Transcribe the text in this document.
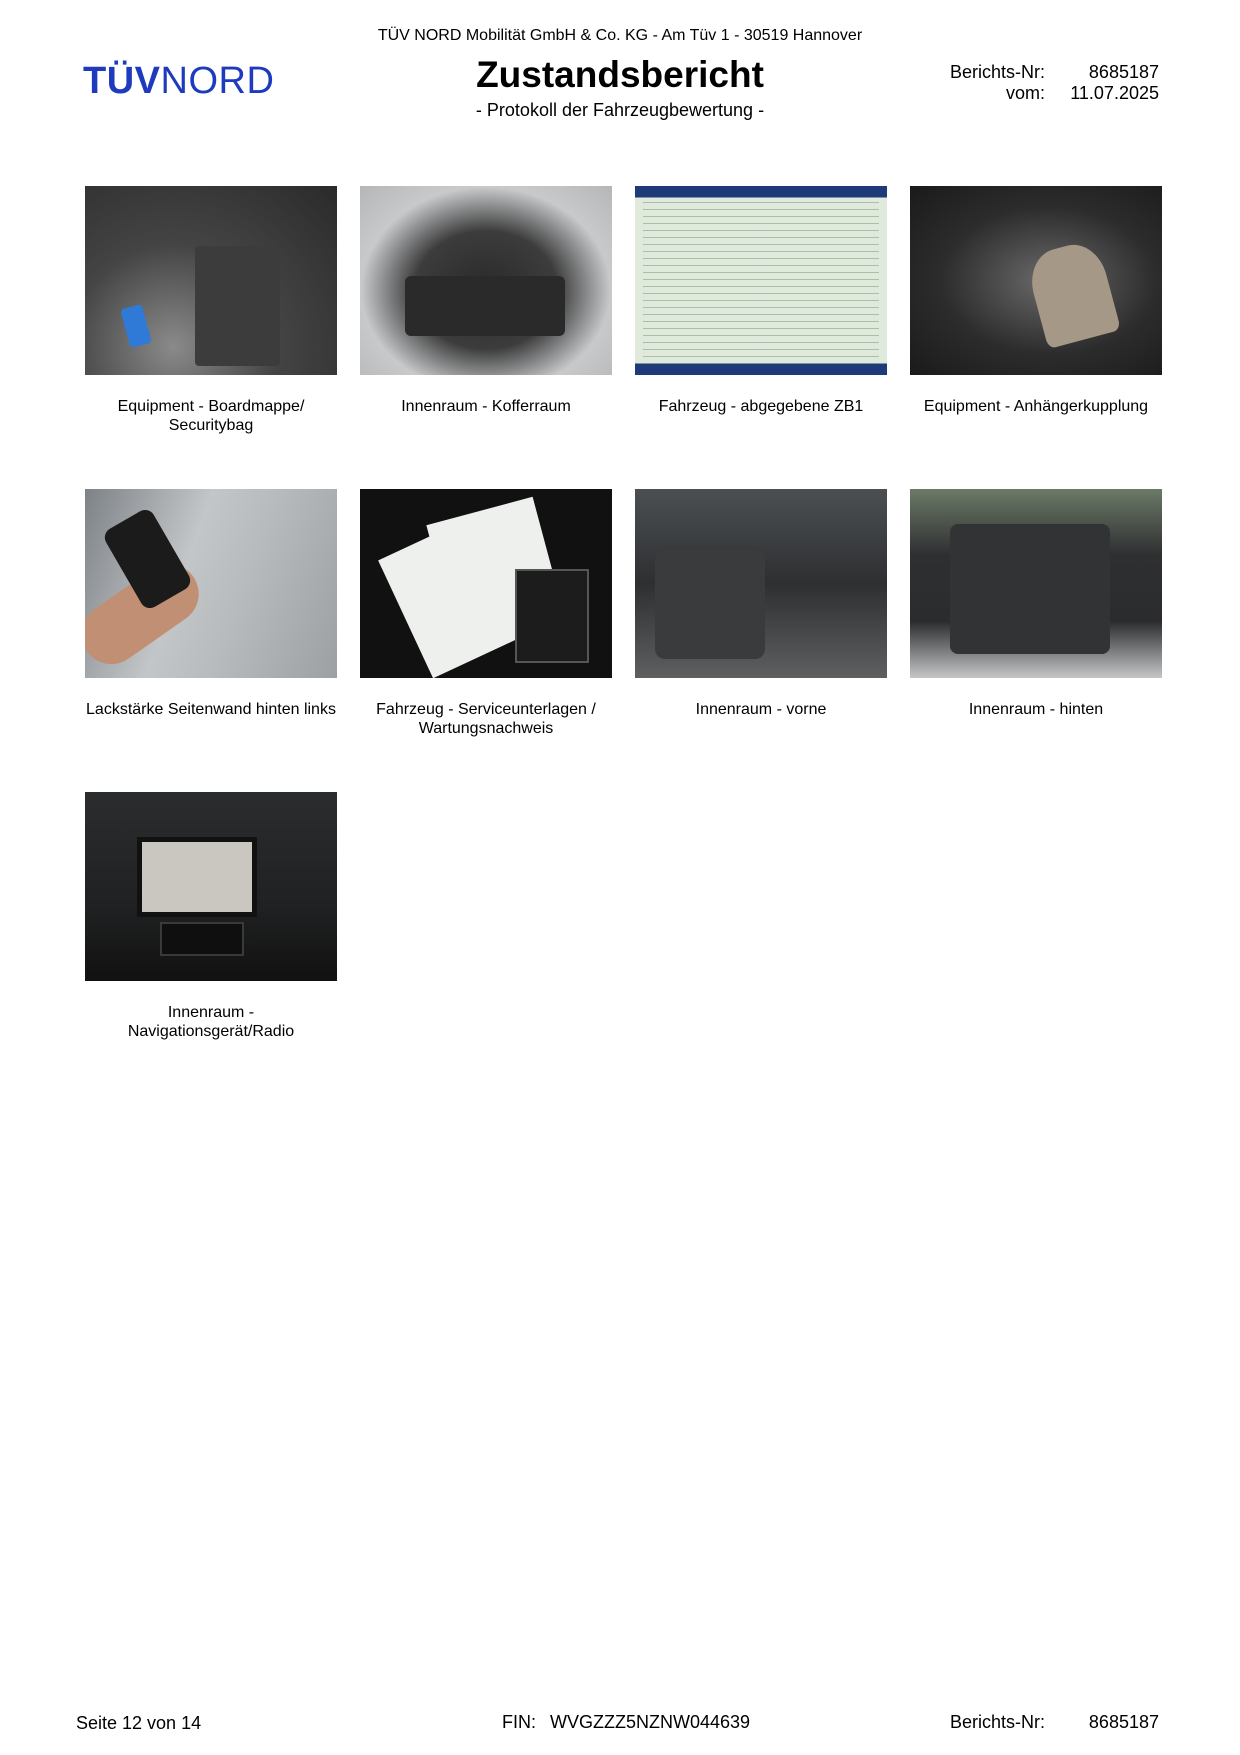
TÜV NORD Mobilität GmbH & Co. KG - Am Tüv 1 - 30519 Hannover
TÜVNORD	Zustandsbericht
- Protokoll der Fahrzeugbewertung -
Berichts-Nr: 8685187
vom: 11.07.2025
Equipment - Boardmappe/ Securitybag
Innenraum - Kofferraum	Fahrzeug - abgegebene ZB1	Equipment - Anhängerkupplung
Lackstärke Seitenwand hinten links	Fahrzeug - Serviceunterlagen / Wartungsnachweis
Innenraum - vorne	Innenraum - hinten
Innenraum - Navigationsgerät/Radio
Seite 12 von 14	FIN: WVGZZZ5NZNW044639	Berichts-Nr: 8685187
